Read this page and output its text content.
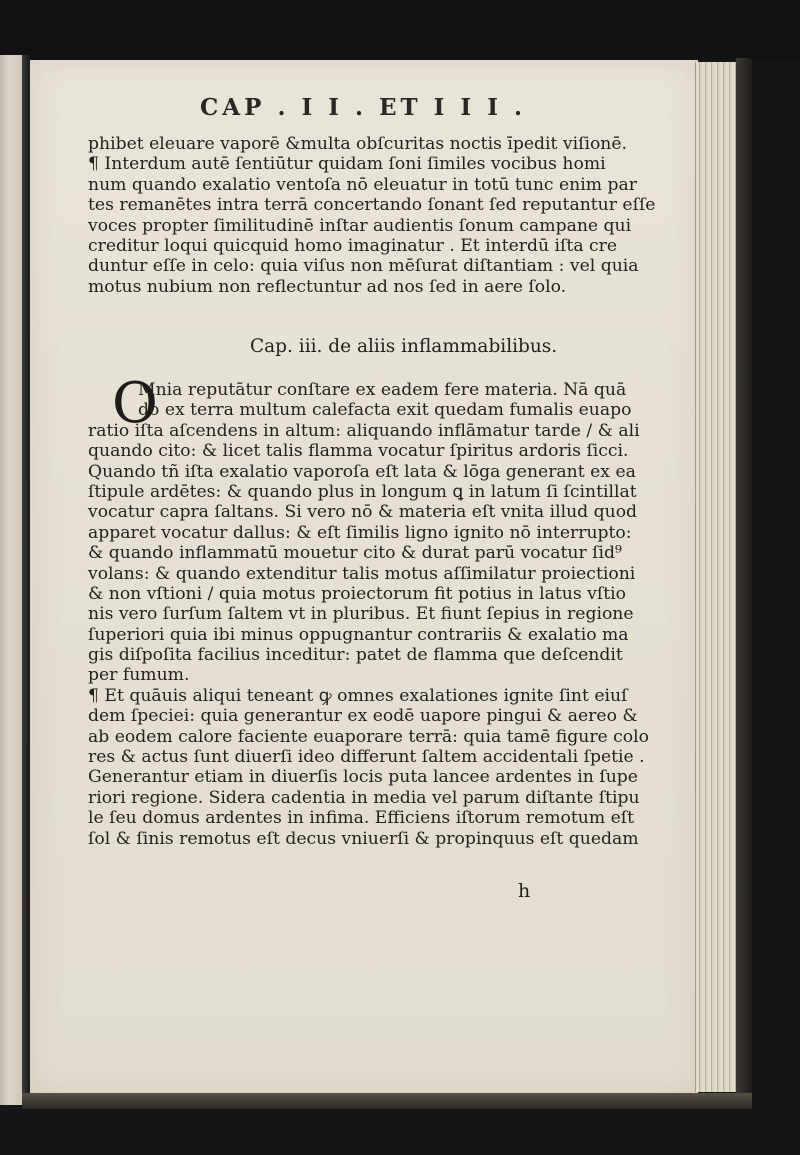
CAP . I I . ET I I I .
phibet eleuare vaporē &multa obſcuritas noctis īpedit viſionē.
¶ Interdum autē ſentiūtur quidam ſoni ſimiles vocibus homi
num quando exalatio ventoſa nō eleuatur in totū tunc enim par
tes remanētes intra terrā concertando ſonant ſed reputantur eſſe
voces propter ſimilitudinē inſtar audientis ſonum campane qui
creditur loqui quicquid homo imaginatur . Et interdū iſta cre
duntur eſſe in celo: quia viſus non mēſurat diſtantiam : vel quia
motus nubium non reflectuntur ad nos ſed in aere ſolo.
Cap. iii. de aliis inflammabilibus.
O
Mnia reputātur conſtare ex eadem fere materia. Nā quā
do ex terra multum calefacta exit quedam fumalis euapo
ratio iſta aſcendens in altum: aliquando inflāmatur tarde / & ali
quando cito: & licet talis flamma vocatur ſpiritus ardoris ſicci.
Quando tñ iſta exalatio vaporoſa eſt lata & lōga generant ex ea
ſtipule ardētes: & quando plus in longum ꝗ in latum ſi ſcintillat
vocatur capra ſaltans. Si vero nō & materia eſt vnita illud quod
apparet vocatur dallus: & eſt ſimilis ligno ignito nō interrupto:
& quando inflammatū mouetur cito & durat parū vocatur ſid⁹
volans: & quando extenditur talis motus aſſimilatur proiectioni
& non vſtioni / quia motus proiectorum fit potius in latus vſtio
nis vero ſurſum ſaltem vt in pluribus. Et fiunt ſepius in regione
ſuperiori quia ibi minus oppugnantur contrariis & exalatio ma
gis diſpoſita facilius inceditur: patet de flamma que deſcendit
per fumum.
¶ Et quāuis aliqui teneant ꝙ omnes exalationes ignite ſint eiuſ
dem ſpeciei: quia generantur ex eodē uapore pingui & aereo &
ab eodem calore faciente euaporare terrā: quia tamē figure colo
res & actus ſunt diuerſi ideo differunt ſaltem accidentali ſpetie .
Generantur etiam in diuerſis locis puta lancee ardentes in ſupe
riori regione. Sidera cadentia in media vel parum diſtante ſtipu
le ſeu domus ardentes in infima. Efficiens iſtorum remotum eſt
ſol & ſinis remotus eſt decus vniuerſi & propinquus eſt quedam
h
